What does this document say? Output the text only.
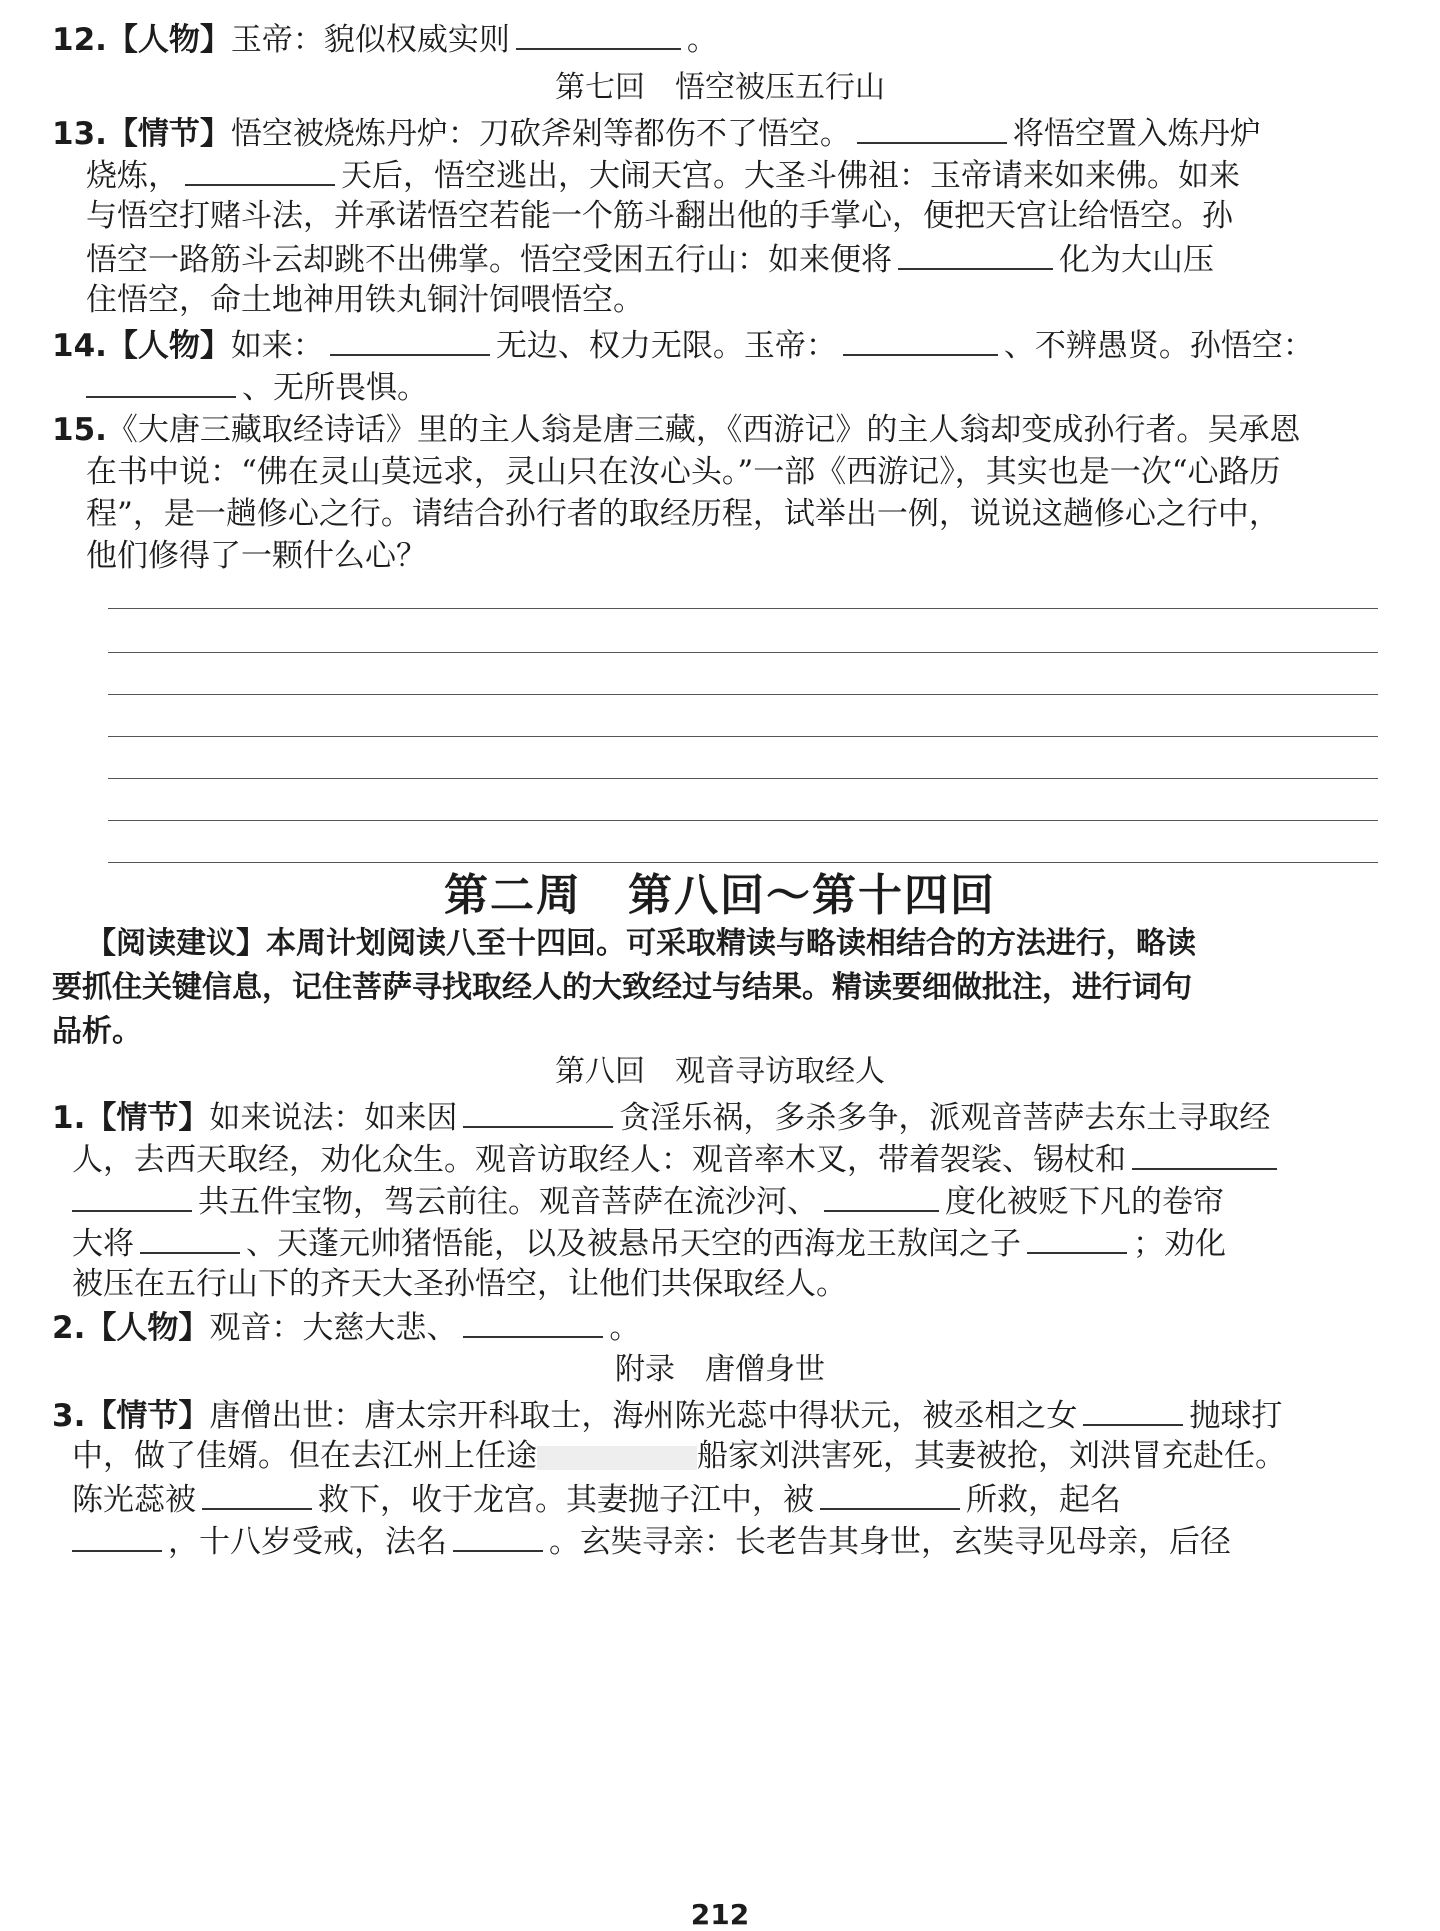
12.【人物】玉帝：貌似权威实则	。
第七回　悟空被压五行山
13.【情节】悟空被烧炼丹炉：刀砍斧剁等都伤不了悟空。	将悟空置入炼丹炉
烧炼，	天后，悟空逃出，大闹天宫。大圣斗佛祖：玉帝请来如来佛。如来
与悟空打赌斗法，并承诺悟空若能一个筋斗翻出他的手掌心，便把天宫让给悟空。孙
悟空一路筋斗云却跳不出佛掌。悟空受困五行山：如来便将	化为大山压
住悟空，命土地神用铁丸铜汁饲喂悟空。
14.【人物】如来：	无边、权力无限。玉帝：	、不辨愚贤。孙悟空：
、无所畏惧。
15.《大唐三藏取经诗话》里的主人翁是唐三藏，《西游记》的主人翁却变成孙行者。吴承恩
在书中说：“佛在灵山莫远求，灵山只在汝心头。”一部《西游记》，其实也是一次“心路历
程”，是一趟修心之行。请结合孙行者的取经历程，试举出一例，说说这趟修心之行中，
他们修得了一颗什么心？
第二周　第八回～第十四回
【阅读建议】本周计划阅读八至十四回。可采取精读与略读相结合的方法进行，略读
要抓住关键信息，记住菩萨寻找取经人的大致经过与结果。精读要细做批注，进行词句
品析。
第八回　观音寻访取经人
1.【情节】如来说法：如来因	贪淫乐祸，多杀多争，派观音菩萨去东土寻取经
人，去西天取经，劝化众生。观音访取经人：观音率木叉，带着袈裟、锡杖和
共五件宝物，驾云前往。观音菩萨在流沙河、	度化被贬下凡的卷帘
大将	、天蓬元帅猪悟能，以及被悬吊天空的西海龙王敖闰之子	；劝化
被压在五行山下的齐天大圣孙悟空，让他们共保取经人。
2.【人物】观音：大慈大悲、	。
附录　唐僧身世
3.【情节】唐僧出世：唐太宗开科取士，海州陈光蕊中得状元，被丞相之女	抛球打
中，做了佳婿。但在去江州上任途	船家刘洪害死，其妻被抢，刘洪冒充赴任。
陈光蕊被	救下，收于龙宫。其妻抛子江中，被	所救，起名
，十八岁受戒，法名	。玄奘寻亲：长老告其身世，玄奘寻见母亲，后径
212
